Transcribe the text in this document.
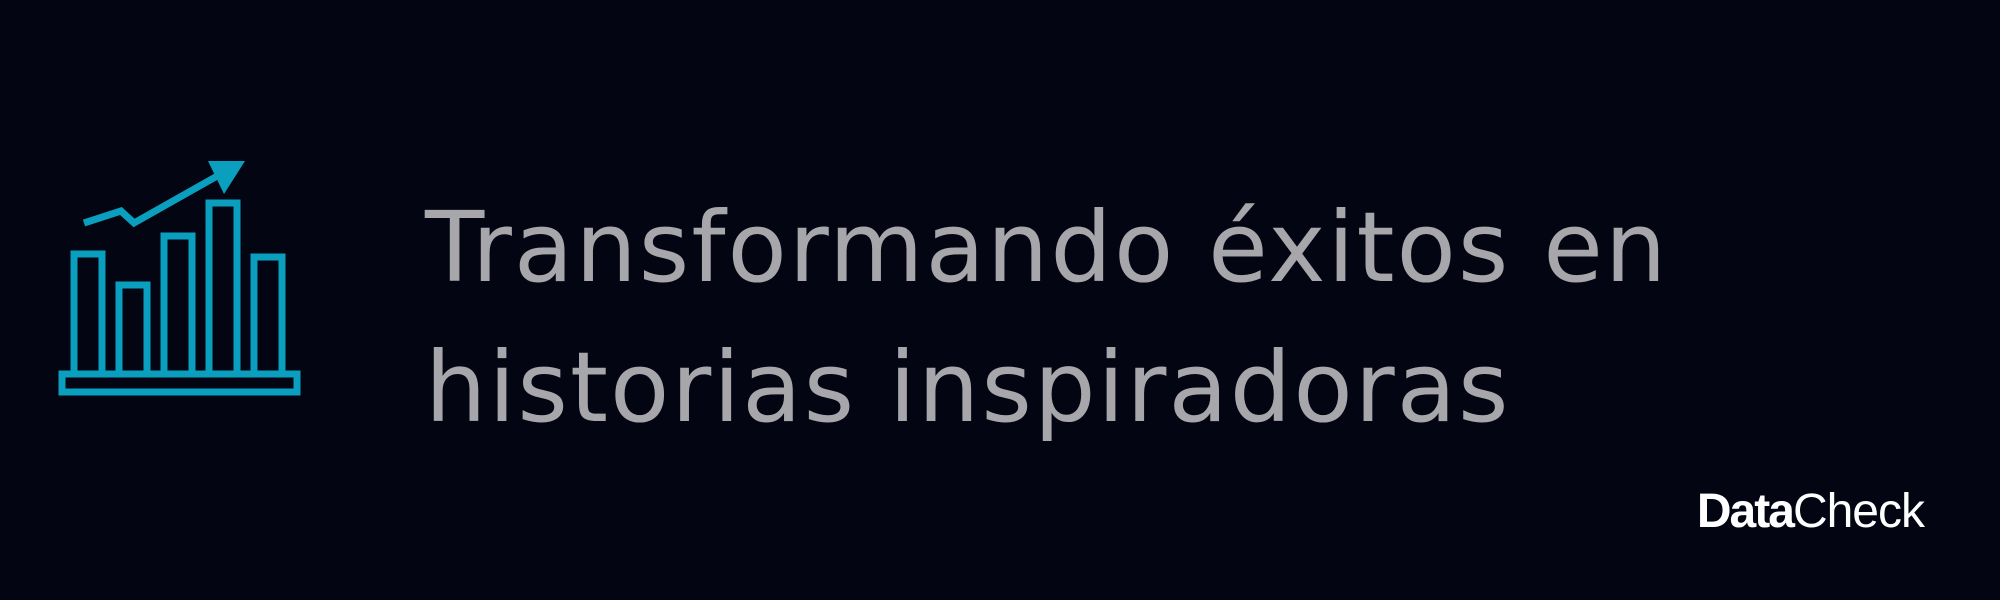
Transformando éxitos en
historias inspiradoras
DataCheck
